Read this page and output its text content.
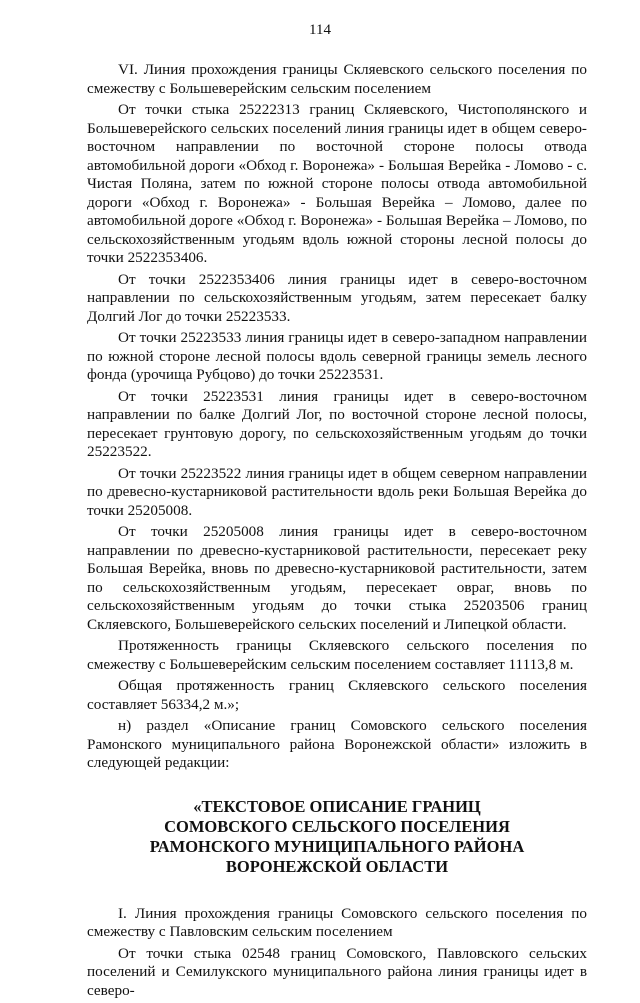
114

VI. Линия прохождения границы Скляевского сельского поселения по смежеству с Большеверейским сельским поселением

От точки стыка 25222313 границ Скляевского, Чистополянского и Большеверейского сельских поселений линия границы идет в общем северо-восточном направлении по восточной стороне полосы отвода автомобильной дороги «Обход г. Воронежа» - Большая Верейка - Ломово - с. Чистая Поляна, затем по южной стороне полосы отвода автомобильной дороги «Обход г. Воронежа» - Большая Верейка – Ломово, далее по автомобильной дороге «Обход г. Воронежа» - Большая Верейка – Ломово, по сельскохозяйственным угодьям вдоль южной стороны лесной полосы до точки 2522353406.

От точки 2522353406 линия границы идет в северо-восточном направлении по сельскохозяйственным угодьям, затем пересекает балку Долгий Лог до точки 25223533.

От точки 25223533 линия границы идет в северо-западном направлении по южной стороне лесной полосы вдоль северной границы земель лесного фонда (урочища Рубцово) до точки 25223531.

От точки 25223531 линия границы идет в северо-восточном направлении по балке Долгий Лог, по восточной стороне лесной полосы, пересекает грунтовую дорогу, по сельскохозяйственным угодьям до точки 25223522.

От точки 25223522 линия границы идет в общем северном направлении по древесно-кустарниковой растительности вдоль реки Большая Верейка до точки 25205008.

От точки 25205008 линия границы идет в северо-восточном направлении по древесно-кустарниковой растительности, пересекает реку Большая Верейка, вновь по древесно-кустарниковой растительности, затем по сельскохозяйственным угодьям, пересекает овраг, вновь по сельскохозяйственным угодьям до точки стыка 25203506 границ Скляевского, Большеверейского сельских поселений и Липецкой области.

Протяженность границы Скляевского сельского поселения по смежеству с Большеверейским сельским поселением составляет 11113,8 м.

Общая протяженность границ Скляевского сельского поселения составляет 56334,2 м.»;

н) раздел «Описание границ Сомовского сельского поселения Рамонского муниципального района Воронежской области» изложить в следующей редакции:

«ТЕКСТОВОЕ ОПИСАНИЕ ГРАНИЦ
СОМОВСКОГО СЕЛЬСКОГО ПОСЕЛЕНИЯ
РАМОНСКОГО МУНИЦИПАЛЬНОГО РАЙОНА
ВОРОНЕЖСКОЙ ОБЛАСТИ

I. Линия прохождения границы Сомовского сельского поселения по смежеству с Павловским сельским поселением

От точки стыка 02548 границ Сомовского, Павловского сельских поселений и Семилукского муниципального района линия границы идет в северо-
